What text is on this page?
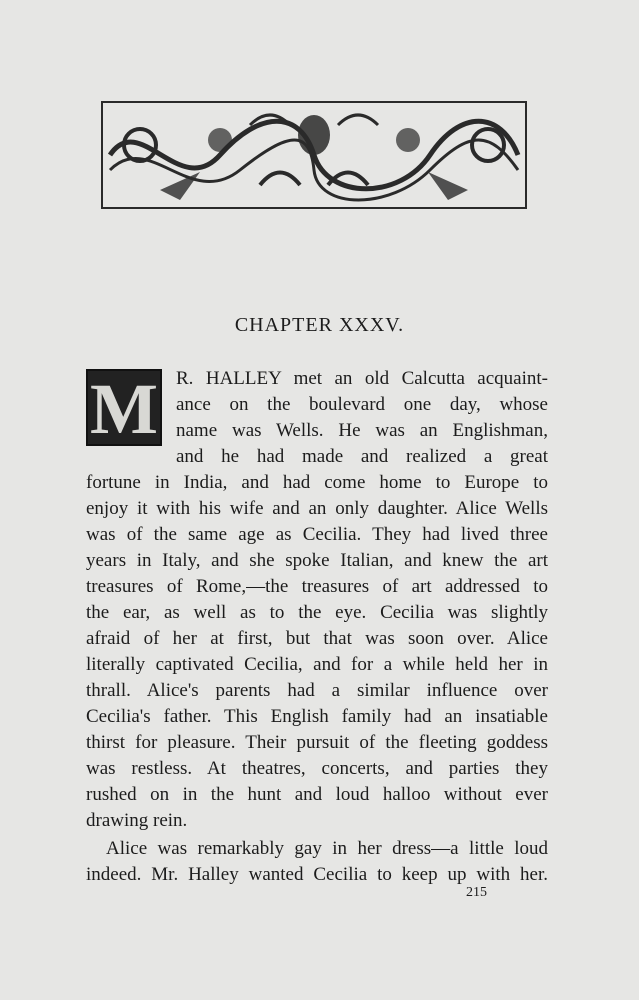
CHAPTER XXXV.
M R. HALLEY met an old Calcutta acquaint-
ance on the boulevard one day, whose
name was Wells. He was an Englishman,
and he had made and realized a great
fortune in India, and had come home to Europe to
enjoy it with his wife and an only daughter. Alice Wells
was of the same age as Cecilia. They had lived three
years in Italy, and she spoke Italian, and knew the art
treasures of Rome,—the treasures of art addressed to
the ear, as well as to the eye. Cecilia was slightly
afraid of her at first, but that was soon over. Alice
literally captivated Cecilia, and for a while held her in
thrall. Alice's parents had a similar influence over
Cecilia's father. This English family had an insatiable
thirst for pleasure. Their pursuit of the fleeting goddess
was restless. At theatres, concerts, and parties they
rushed on in the hunt and loud halloo without ever
drawing rein.
Alice was remarkably gay in her dress—a little loud
indeed. Mr. Halley wanted Cecilia to keep up with her.
215
